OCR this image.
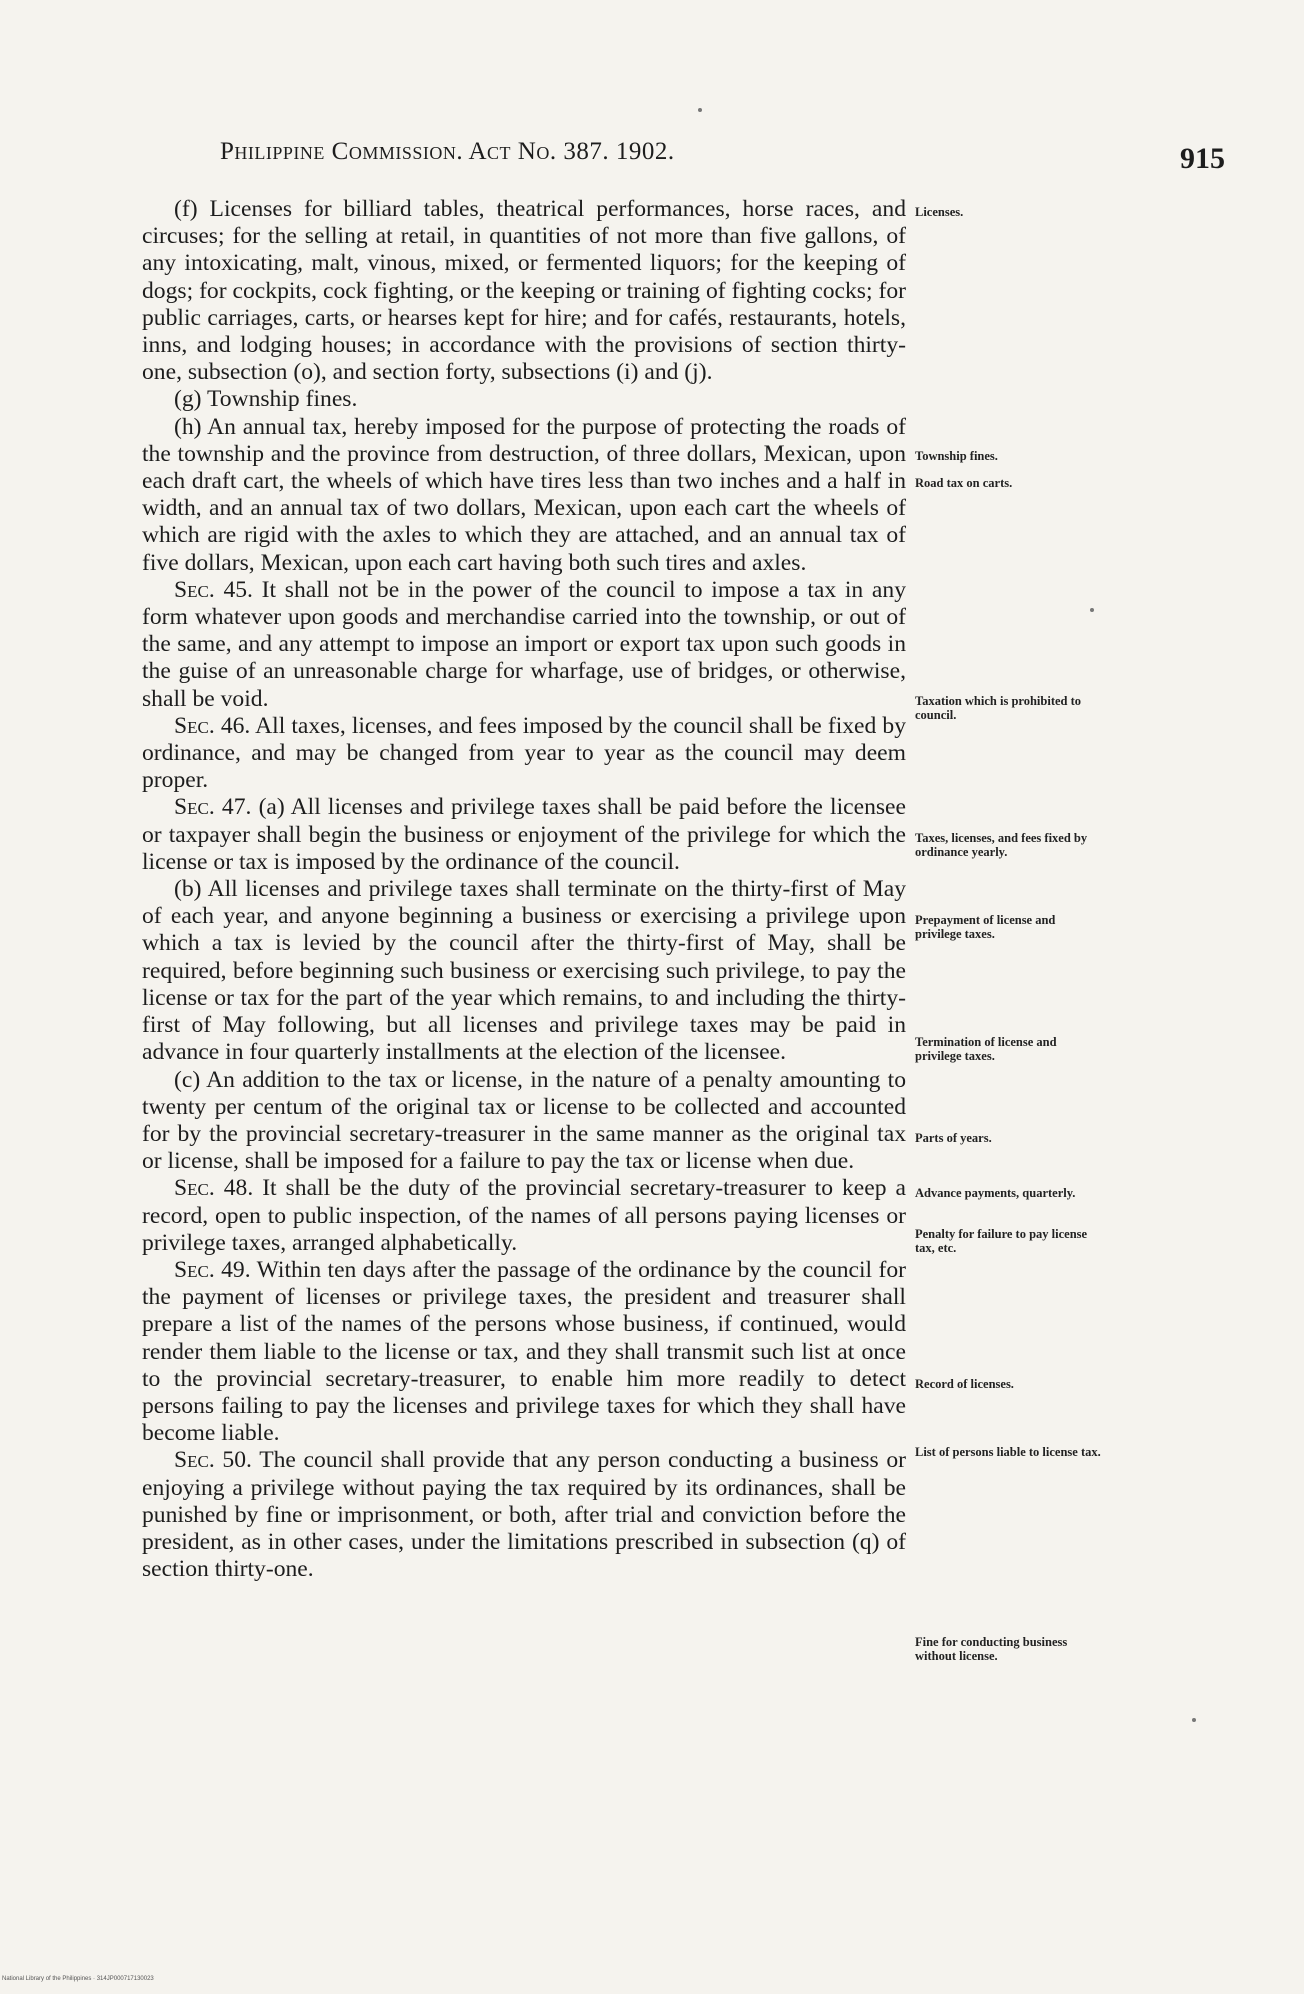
Philippine Commission. Act No. 387. 1902.	915

(f) Licenses for billiard tables, theatrical performances, horse races, and circuses; for the selling at retail, in quantities of not more than five gallons, of any intoxicating, malt, vinous, mixed, or fermented liquors; for the keeping of dogs; for cockpits, cock fighting, or the keeping or training of fighting cocks; for public carriages, carts, or hearses kept for hire; and for cafés, restaurants, hotels, inns, and lodging houses; in accordance with the provisions of section thirty-one, subsection (o), and section forty, subsections (i) and (j).

(g) Township fines.

(h) An annual tax, hereby imposed for the purpose of protecting the roads of the township and the province from destruction, of three dollars, Mexican, upon each draft cart, the wheels of which have tires less than two inches and a half in width, and an annual tax of two dollars, Mexican, upon each cart the wheels of which are rigid with the axles to which they are attached, and an annual tax of five dollars, Mexican, upon each cart having both such tires and axles.

Sec. 45. It shall not be in the power of the council to impose a tax in any form whatever upon goods and merchandise carried into the township, or out of the same, and any attempt to impose an import or export tax upon such goods in the guise of an unreasonable charge for wharfage, use of bridges, or otherwise, shall be void.

Sec. 46. All taxes, licenses, and fees imposed by the council shall be fixed by ordinance, and may be changed from year to year as the council may deem proper.

Sec. 47. (a) All licenses and privilege taxes shall be paid before the licensee or taxpayer shall begin the business or enjoyment of the privilege for which the license or tax is imposed by the ordinance of the council.

(b) All licenses and privilege taxes shall terminate on the thirty-first of May of each year, and anyone beginning a business or exercising a privilege upon which a tax is levied by the council after the thirty-first of May, shall be required, before beginning such business or exercising such privilege, to pay the license or tax for the part of the year which remains, to and including the thirty-first of May following, but all licenses and privilege taxes may be paid in advance in four quarterly installments at the election of the licensee.

(c) An addition to the tax or license, in the nature of a penalty amounting to twenty per centum of the original tax or license to be collected and accounted for by the provincial secretary-treasurer in the same manner as the original tax or license, shall be imposed for a failure to pay the tax or license when due.

Sec. 48. It shall be the duty of the provincial secretary-treasurer to keep a record, open to public inspection, of the names of all persons paying licenses or privilege taxes, arranged alphabetically.

Sec. 49. Within ten days after the passage of the ordinance by the council for the payment of licenses or privilege taxes, the president and treasurer shall prepare a list of the names of the persons whose business, if continued, would render them liable to the license or tax, and they shall transmit such list at once to the provincial secretary-treasurer, to enable him more readily to detect persons failing to pay the licenses and privilege taxes for which they shall have become liable.

Sec. 50. The council shall provide that any person conducting a business or enjoying a privilege without paying the tax required by its ordinances, shall be punished by fine or imprisonment, or both, after trial and conviction before the president, as in other cases, under the limitations prescribed in subsection (q) of section thirty-one.

Licenses.
Township fines.
Road tax on carts.
Taxation which is prohibited to council.
Taxes, licenses, and fees fixed by ordinance yearly.
Prepayment of license and privilege taxes.
Termination of license and privilege taxes.
Parts of years.
Advance payments, quarterly.
Penalty for failure to pay license tax, etc.
Record of licenses.
List of persons liable to license tax.
Fine for conducting business without license.
National Library of the Philippines · 314JP000717130023
